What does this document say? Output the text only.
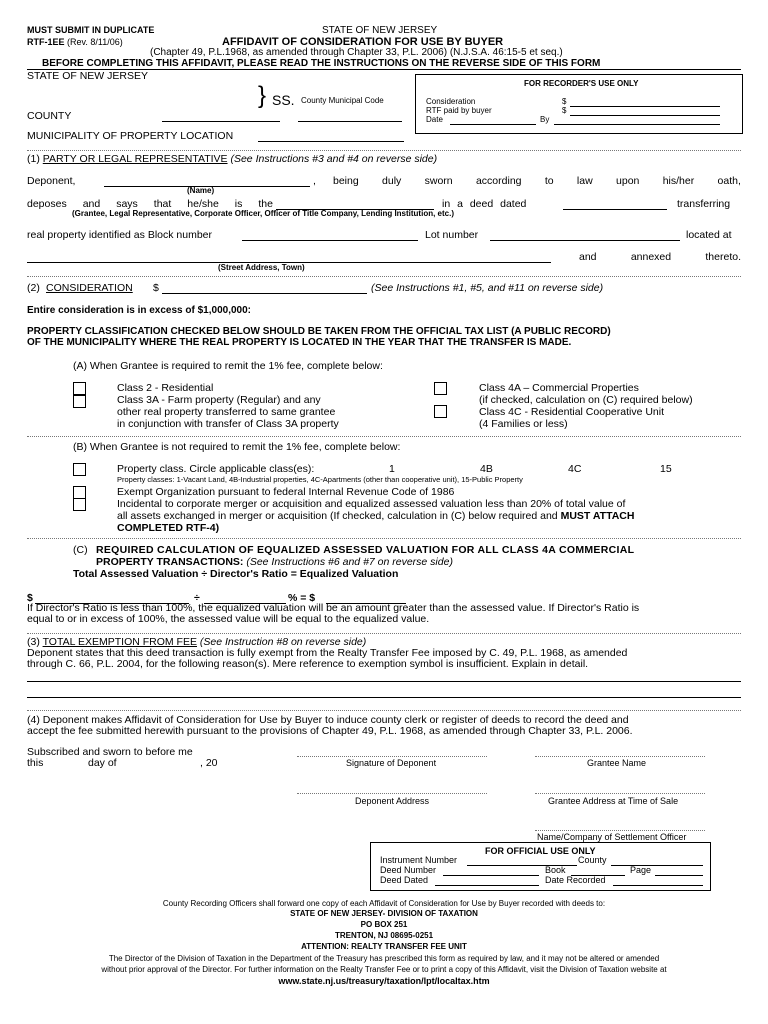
MUST SUBMIT IN DUPLICATE
RTF-1EE (Rev. 8/11/06)
STATE OF NEW JERSEY
AFFIDAVIT OF CONSIDERATION FOR USE BY BUYER
(Chapter 49, P.L.1968, as amended through Chapter 33, P.L. 2006) (N.J.S.A. 46:15-5 et seq.)
BEFORE COMPLETING THIS AFFIDAVIT, PLEASE READ THE INSTRUCTIONS ON THE REVERSE SIDE OF THIS FORM
STATE OF NEW JERSEY
COUNTY
} SS. County Municipal Code
MUNICIPALITY OF PROPERTY LOCATION
FOR RECORDER'S USE ONLY
Consideration	$
RTF paid by buyer	$
Date	By
(1) PARTY OR LEGAL REPRESENTATIVE (See Instructions #3 and #4 on reverse side)
Deponent,	, being duly sworn according to law upon his/her oath,
(Name)
deposes and says that he/she is the	in a deed dated	transferring
(Grantee, Legal Representative, Corporate Officer, Officer of Title Company, Lending Institution, etc.)
real property identified as Block number	Lot number	located at
and	annexed	thereto.
(Street Address, Town)
(2) CONSIDERATION $	(See Instructions #1, #5, and #11 on reverse side)
Entire consideration is in excess of $1,000,000:
PROPERTY CLASSIFICATION CHECKED BELOW SHOULD BE TAKEN FROM THE OFFICIAL TAX LIST (A PUBLIC RECORD)
OF THE MUNICIPALITY WHERE THE REAL PROPERTY IS LOCATED IN THE YEAR THAT THE TRANSFER IS MADE.
(A) When Grantee is required to remit the 1% fee, complete below:
Class 2 - Residential
Class 3A - Farm property (Regular) and any
other real property transferred to same grantee
in conjunction with transfer of Class 3A property
Class 4A – Commercial Properties
(if checked, calculation on (C) required below)
Class 4C - Residential Cooperative Unit
(4 Families or less)
(B) When Grantee is not required to remit the 1% fee, complete below:
Property class. Circle applicable class(es):	1	4B	4C	15
Property classes: 1-Vacant Land, 4B-Industrial properties, 4C-Apartments (other than cooperative unit), 15-Public Property
Exempt Organization pursuant to federal Internal Revenue Code of 1986
Incidental to corporate merger or acquisition and equalized assessed valuation less than 20% of total value of
all assets exchanged in merger or acquisition (If checked, calculation in (C) below required and MUST ATTACH
COMPLETED RTF-4)
(C) REQUIRED CALCULATION OF EQUALIZED ASSESSED VALUATION FOR ALL CLASS 4A COMMERCIAL
PROPERTY TRANSACTIONS: (See Instructions #6 and #7 on reverse side)
Total Assessed Valuation ÷ Director's Ratio = Equalized Valuation
$	÷	% = $
If Director's Ratio is less than 100%, the equalized valuation will be an amount greater than the assessed value. If Director's Ratio is
equal to or in excess of 100%, the assessed value will be equal to the equalized value.
(3) TOTAL EXEMPTION FROM FEE (See Instruction #8 on reverse side)
Deponent states that this deed transaction is fully exempt from the Realty Transfer Fee imposed by C. 49, P.L. 1968, as amended
through C. 66, P.L. 2004, for the following reason(s). Mere reference to exemption symbol is insufficient. Explain in detail.
(4) Deponent makes Affidavit of Consideration for Use by Buyer to induce county clerk or register of deeds to record the deed and
accept the fee submitted herewith pursuant to the provisions of Chapter 49, P.L. 1968, as amended through Chapter 33, P.L. 2006.
Subscribed and sworn to before me
this	day of	, 20	Signature of Deponent	Grantee Name
Deponent Address	Grantee Address at Time of Sale
Name/Company of Settlement Officer
FOR OFFICIAL USE ONLY
Instrument Number	County
Deed Number	Book	Page
Deed Dated	Date Recorded
County Recording Officers shall forward one copy of each Affidavit of Consideration for Use by Buyer recorded with deeds to:
STATE OF NEW JERSEY- DIVISION OF TAXATION
PO BOX 251
TRENTON, NJ 08695-0251
ATTENTION: REALTY TRANSFER FEE UNIT
The Director of the Division of Taxation in the Department of the Treasury has prescribed this form as required by law, and it may not be altered or amended
without prior approval of the Director. For further information on the Realty Transfer Fee or to print a copy of this Affidavit, visit the Division of Taxation website at
www.state.nj.us/treasury/taxation/lpt/localtax.htm
